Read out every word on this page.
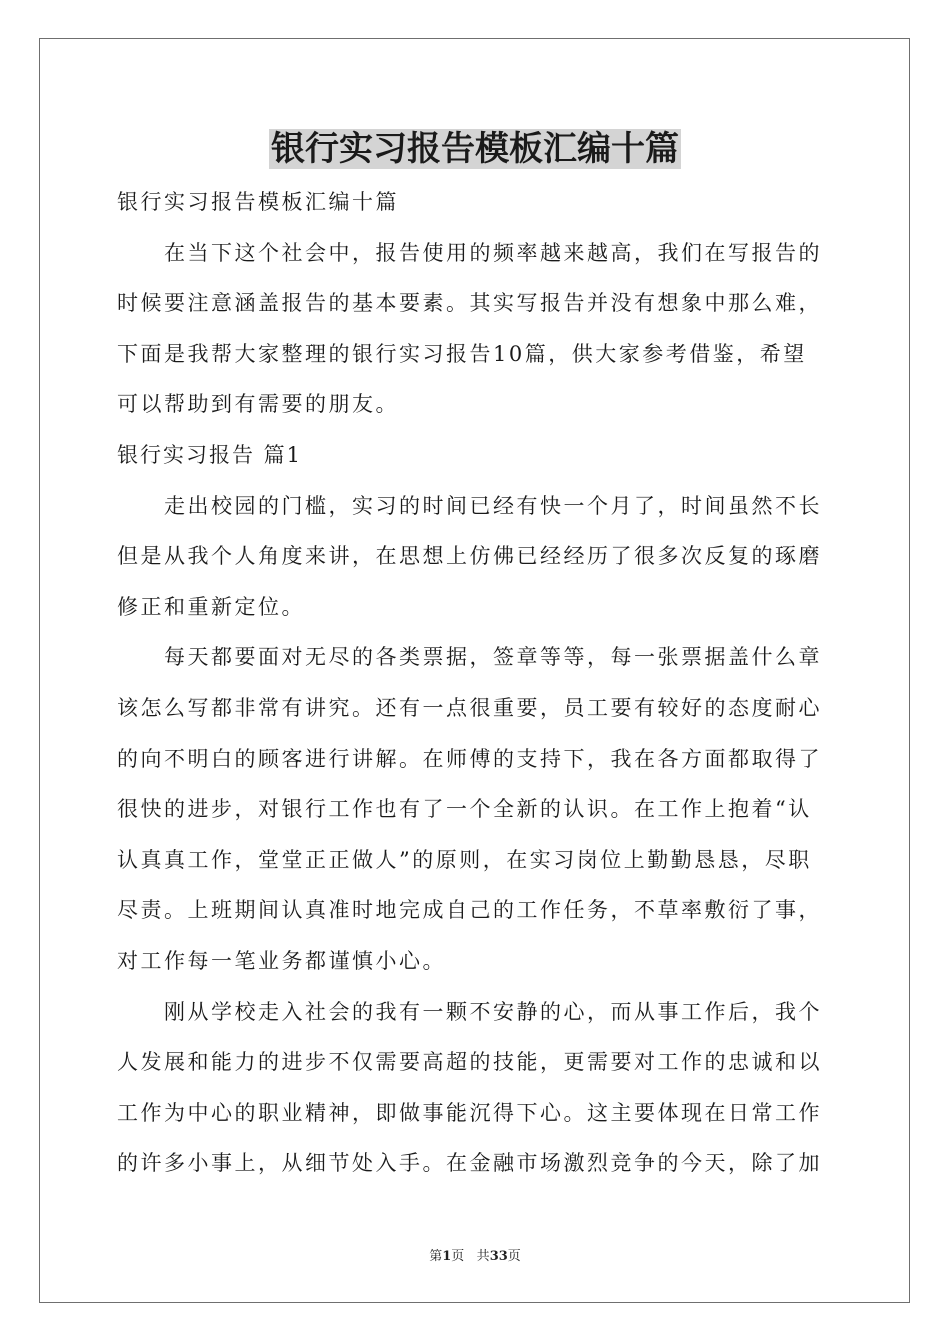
银行实习报告模板汇编十篇
银行实习报告模板汇编十篇
在当下这个社会中，报告使用的频率越来越高，我们在写报告的
时候要注意涵盖报告的基本要素。其实写报告并没有想象中那么难，
下面是我帮大家整理的银行实习报告10篇，供大家参考借鉴，希望
可以帮助到有需要的朋友。
银行实习报告 篇1
走出校园的门槛，实习的时间已经有快一个月了，时间虽然不长
但是从我个人角度来讲，在思想上仿佛已经经历了很多次反复的琢磨
修正和重新定位。
每天都要面对无尽的各类票据，签章等等，每一张票据盖什么章
该怎么写都非常有讲究。还有一点很重要，员工要有较好的态度耐心
的向不明白的顾客进行讲解。在师傅的支持下，我在各方面都取得了
很快的进步，对银行工作也有了一个全新的认识。在工作上抱着“认
认真真工作，堂堂正正做人”的原则，在实习岗位上勤勤恳恳，尽职
尽责。上班期间认真准时地完成自己的工作任务，不草率敷衍了事，
对工作每一笔业务都谨慎小心。
刚从学校走入社会的我有一颗不安静的心，而从事工作后，我个
人发展和能力的进步不仅需要高超的技能，更需要对工作的忠诚和以
工作为中心的职业精神，即做事能沉得下心。这主要体现在日常工作
的许多小事上，从细节处入手。在金融市场激烈竞争的今天，除了加
第1页 共33页
